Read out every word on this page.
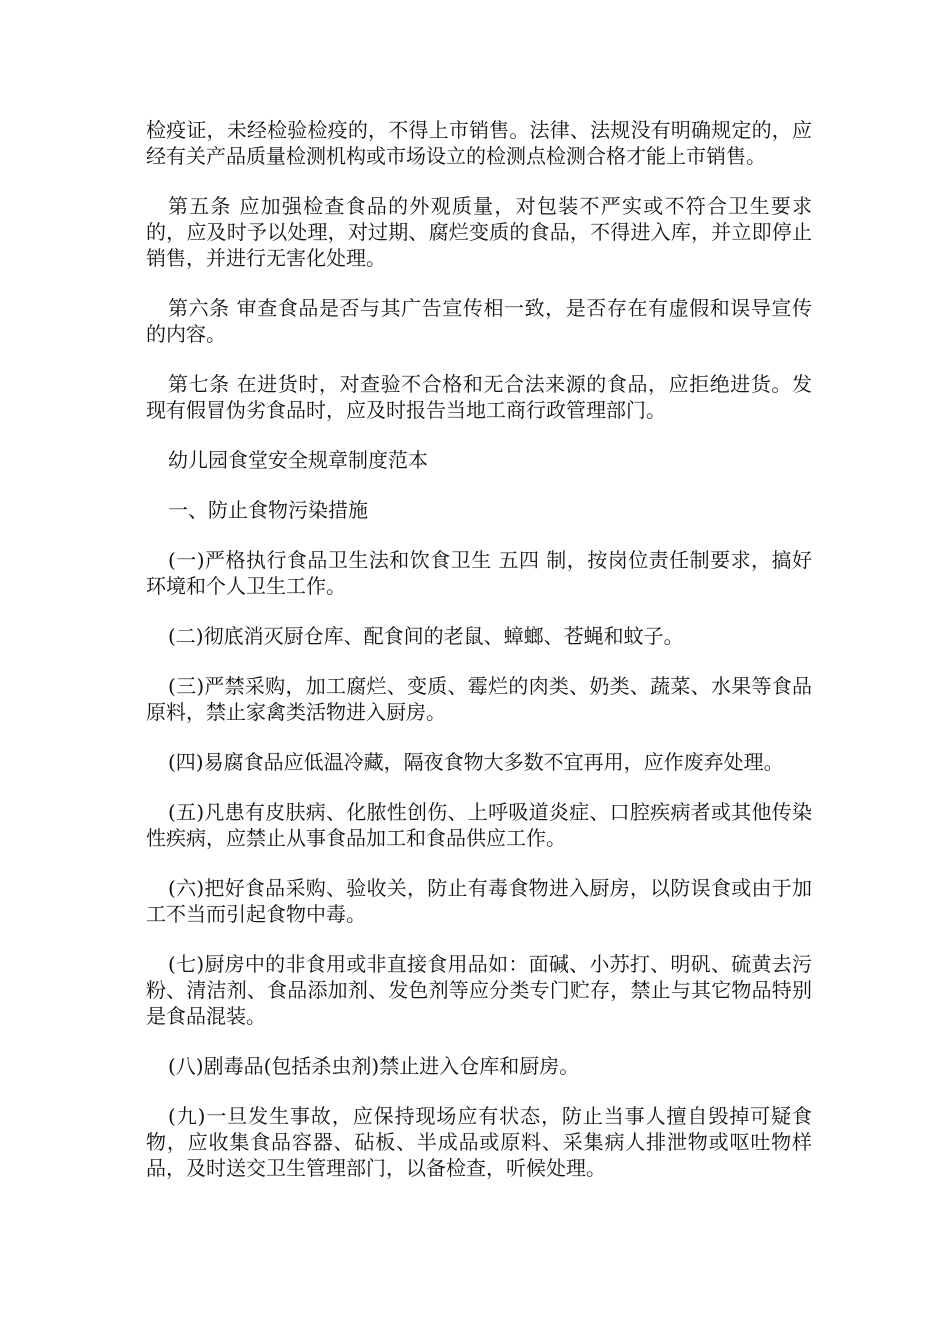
检疫证，未经检验检疫的，不得上市销售。法律、法规没有明确规定的，应经有关产品质量检测机构或市场设立的检测点检测合格才能上市销售。

第五条 应加强检查食品的外观质量，对包装不严实或不符合卫生要求的，应及时予以处理，对过期、腐烂变质的食品，不得进入库，并立即停止销售，并进行无害化处理。

第六条 审查食品是否与其广告宣传相一致，是否存在有虚假和误导宣传的内容。

第七条 在进货时，对查验不合格和无合法来源的食品，应拒绝进货。发现有假冒伪劣食品时，应及时报告当地工商行政管理部门。

幼儿园食堂安全规章制度范本

一、防止食物污染措施

(一)严格执行食品卫生法和饮食卫生 五四 制，按岗位责任制要求，搞好环境和个人卫生工作。

(二)彻底消灭厨仓库、配食间的老鼠、蟑螂、苍蝇和蚊子。

(三)严禁采购，加工腐烂、变质、霉烂的肉类、奶类、蔬菜、水果等食品原料，禁止家禽类活物进入厨房。

(四)易腐食品应低温冷藏，隔夜食物大多数不宜再用，应作废弃处理。

(五)凡患有皮肤病、化脓性创伤、上呼吸道炎症、口腔疾病者或其他传染性疾病，应禁止从事食品加工和食品供应工作。

(六)把好食品采购、验收关，防止有毒食物进入厨房，以防误食或由于加工不当而引起食物中毒。

(七)厨房中的非食用或非直接食用品如：面碱、小苏打、明矾、硫黄去污粉、清洁剂、食品添加剂、发色剂等应分类专门贮存，禁止与其它物品特别是食品混装。

(八)剧毒品(包括杀虫剂)禁止进入仓库和厨房。

(九)一旦发生事故，应保持现场应有状态，防止当事人擅自毁掉可疑食物，应收集食品容器、砧板、半成品或原料、采集病人排泄物或呕吐物样品，及时送交卫生管理部门，以备检查，听候处理。
